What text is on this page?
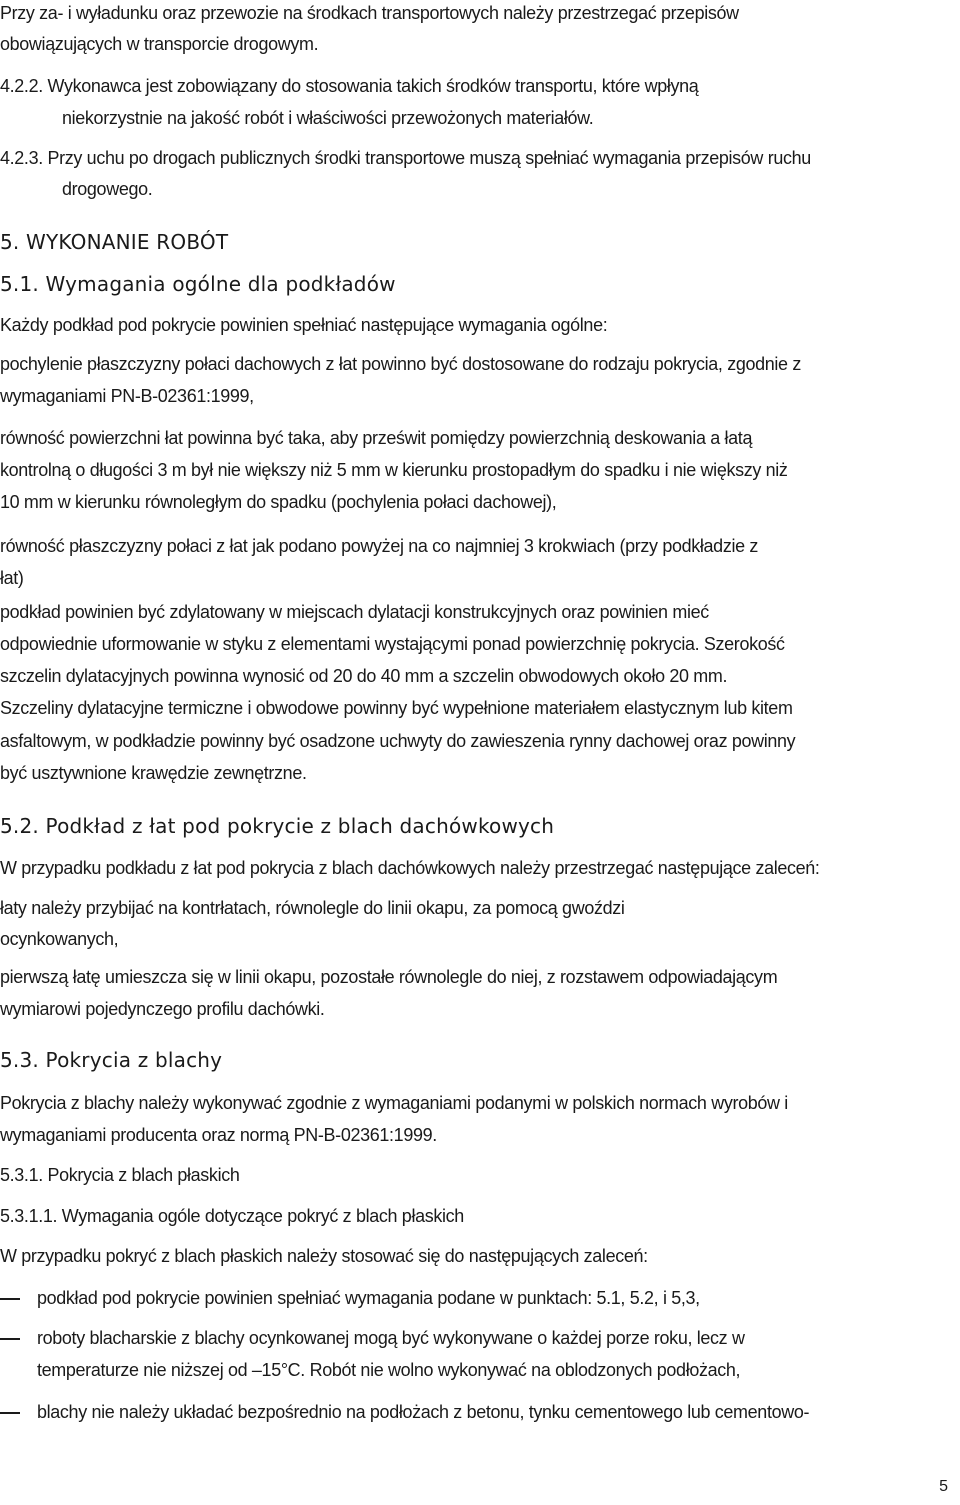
Przy za- i wyładunku oraz przewozie na środkach transportowych należy przestrzegać przepisów
obowiązujących w transporcie drogowym.
4.2.2. Wykonawca jest zobowiązany do stosowania takich środków transportu, które wpłyną
niekorzystnie na jakość robót i właściwości przewożonych materiałów.
4.2.3. Przy uchu po drogach publicznych środki transportowe muszą spełniać wymagania przepisów ruchu
drogowego.
5. WYKONANIE ROBÓT
5.1. Wymagania ogólne dla podkładów
Każdy podkład pod pokrycie powinien spełniać następujące wymagania ogólne:
pochylenie płaszczyzny połaci dachowych z łat powinno być dostosowane do rodzaju pokrycia, zgodnie z
wymaganiami PN-B-02361:1999,
równość powierzchni łat powinna być taka, aby prześwit pomiędzy powierzchnią deskowania a łatą
kontrolną o długości 3 m był nie większy niż 5 mm w kierunku prostopadłym do spadku i nie większy niż
10 mm w kierunku równoległym do spadku (pochylenia połaci dachowej),
równość płaszczyzny połaci z łat jak podano powyżej na co najmniej 3 krokwiach (przy podkładzie z
łat)
podkład powinien być zdylatowany w miejscach dylatacji konstrukcyjnych oraz powinien mieć
odpowiednie uformowanie w styku z elementami wystającymi ponad powierzchnię pokrycia. Szerokość
szczelin dylatacyjnych powinna wynosić od 20 do 40 mm a szczelin obwodowych około 20 mm.
Szczeliny dylatacyjne termiczne i obwodowe powinny być wypełnione materiałem elastycznym lub kitem
asfaltowym, w podkładzie powinny być osadzone uchwyty do zawieszenia rynny dachowej oraz powinny
być usztywnione krawędzie zewnętrzne.
5.2. Podkład z łat pod pokrycie z blach dachówkowych
W przypadku podkładu z łat pod pokrycia z blach dachówkowych należy przestrzegać następujące zaleceń:
łaty należy przybijać na kontrłatach, równolegle do linii okapu, za pomocą gwoździ
ocynkowanych,
pierwszą łatę umieszcza się w linii okapu, pozostałe równolegle do niej, z rozstawem odpowiadającym
wymiarowi pojedynczego profilu dachówki.
5.3. Pokrycia z blachy
Pokrycia z blachy należy wykonywać zgodnie z wymaganiami podanymi w polskich normach wyrobów i
wymaganiami producenta oraz normą PN-B-02361:1999.
5.3.1. Pokrycia z blach płaskich
5.3.1.1. Wymagania ogóle dotyczące pokryć z blach płaskich
W przypadku pokryć z blach płaskich należy stosować się do następujących zaleceń:
podkład pod pokrycie powinien spełniać wymagania podane w punktach: 5.1, 5.2, i 5,3,
roboty blacharskie z blachy ocynkowanej mogą być wykonywane o każdej porze roku, lecz w
temperaturze nie niższej od –15°C. Robót nie wolno wykonywać na oblodzonych podłożach,
blachy nie należy układać bezpośrednio na podłożach z betonu, tynku cementowego lub cementowo-
5
